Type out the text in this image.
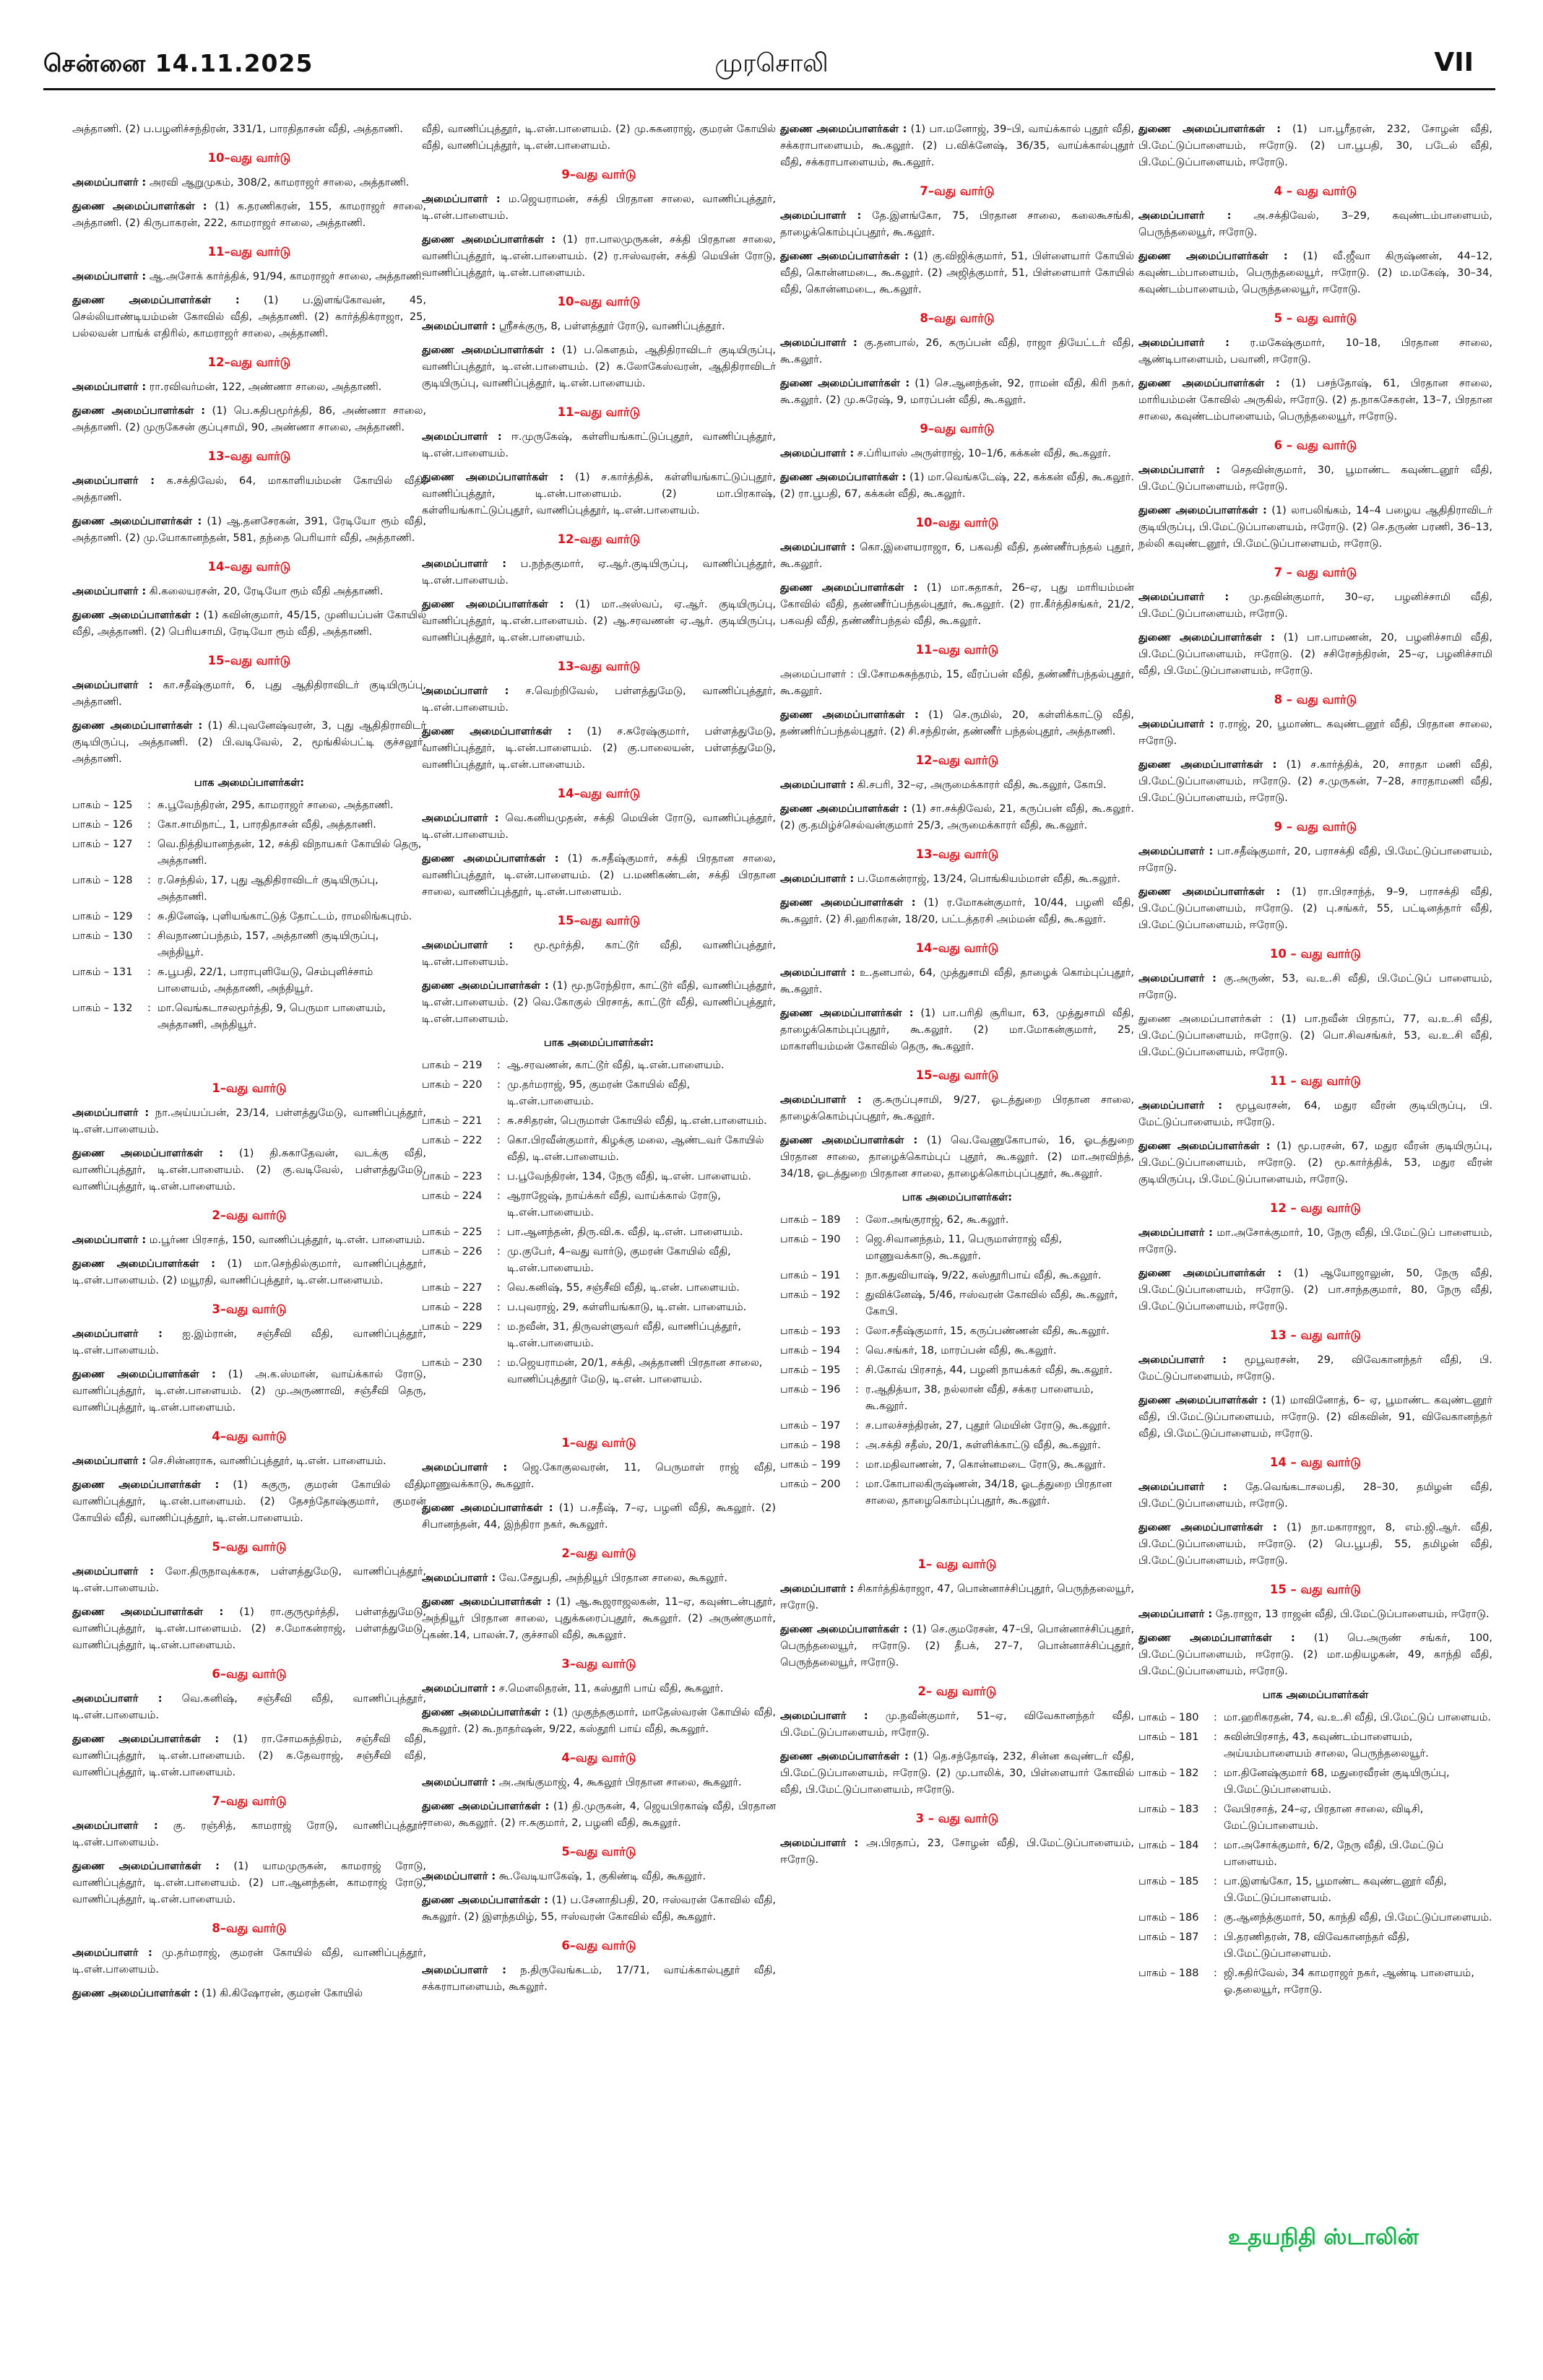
சென்னை 14.11.2025	முரசொலி	VII

அத்தாணி. (2) ப.பழனிச்சந்திரன், 331/1, பாரதிதாசன் வீதி, அத்தாணி.

10–வது வார்டு

அமைப்பாளர் : அரவி ஆறுமுகம், 308/2, காமராஜர் சாலை, அத்தாணி.

துணை அமைப்பாளர்கள் : (1) க.தரணிகரன், 155, காமராஜர் சாலை, அத்தாணி. (2) கிருபாகரன், 222, காமராஜர் சாலை, அத்தாணி.

11–வது வார்டு

அமைப்பாளர் : ஆ.அசோக் கார்த்திக், 91/94, காமராஜர் சாலை, அத்தாணி.

துணை அமைப்பாளர்கள் : (1) ப.இளங்கோவன், 45, செல்லியாண்டியம்மன் கோவில் வீதி, அத்தாணி. (2) கார்த்திக்ராஜா, 25, பல்லவன் பாங்க் எதிரில், காமராஜர் சாலை, அத்தாணி.

12–வது வார்டு

அமைப்பாளர் : ரா.ரவிவர்மன், 122, அண்ணா சாலை, அத்தாணி.

துணை அமைப்பாளர்கள் : (1) பெ.சுதிபமூர்த்தி, 86, அண்ணா சாலை, அத்தாணி. (2) முருகேசன் குப்புசாமி, 90, அண்ணா சாலை, அத்தாணி.

13–வது வார்டு

அமைப்பாளர் : க.சக்திவேல், 64, மாகாளியம்மன் கோயில் வீதி, அத்தாணி.

துணை அமைப்பாளர்கள் : (1) ஆ.தனசேரகன், 391, ரேடியோ ரூம் வீதி, அத்தாணி. (2) மு.யோகானந்தன், 581, தந்தை பெரியார் வீதி, அத்தாணி.

14–வது வார்டு

அமைப்பாளர் : கி.கலையரசன், 20, ரேடியோ ரூம் வீதி அத்தாணி.

துணை அமைப்பாளர்கள் : (1) கவின்குமார், 45/15, முனியப்பன் கோயில் வீதி, அத்தாணி. (2) பெரியசாமி, ரேடியோ ரூம் வீதி, அத்தாணி.

15–வது வார்டு

அமைப்பாளர் : கா.சதீஷ்குமார், 6, புது ஆதிதிராவிடர் குடியிருப்பு, அத்தாணி.

துணை அமைப்பாளர்கள் : (1) கி.புவனேஷ்வரன், 3, புது ஆதிதிராவிடர் குடியிருப்பு, அத்தாணி. (2) பி.வடிவேல், 2, மூங்கில்பட்டி குச்சலூர், அத்தாணி.

பாக அமைப்பாளர்கள்:
பாகம் – 125	:	சு.பூவேந்திரன், 295, காமராஜர் சாலை, அத்தாணி.
பாகம் – 126	:	கோ.சாமிநாட், 1, பாரதிதாசன் வீதி, அத்தாணி.
பாகம் – 127	:	வெ.நித்தியானந்தன், 12, சக்தி விநாயகர் கோயில் தெரு, அத்தாணி.
பாகம் – 128	:	ர.செந்தில், 17, புது ஆதிதிராவிடர் குடியிருப்பு, அத்தாணி.
பாகம் – 129	:	சு.தினேஷ், புளியங்காட்டுத் தோட்டம், ராமலிங்கபுரம்.
பாகம் – 130	:	சிவநாணப்பந்தம், 157, அத்தாணி குடியிருப்பு, அந்தியூர்.
பாகம் – 131	:	சு.பூபதி, 22/1, பாராபுளியேடு, செம்புளிச்சாம் பாளையம், அத்தாணி, அந்தியூர்.
பாகம் – 132	:	மா.வெங்கடாசலமூர்த்தி, 9, பெருமா பாளையம், அத்தாணி, அந்தியூர்.
1–வது வார்டு

அமைப்பாளர் : நா.அய்யப்பன், 23/14, பள்ளத்துமேடு, வாணிப்புத்தூர், டி.என்.பாளையம்.

துணை அமைப்பாளர்கள் : (1) தி.சுகாதேவன், வடக்கு வீதி, வாணிப்புத்தூர், டி.என்.பாளையம். (2) கு.வடிவேல், பள்ளத்துமேடு, வாணிப்புத்தூர், டி.என்.பாளையம்.

2–வது வார்டு

அமைப்பாளர் : ம.பூர்ண பிரசாத், 150, வாணிப்புத்தூர், டி.என். பாளையம்.

துணை அமைப்பாளர்கள் : (1) மா.செந்தில்குமார், வாணிப்புத்தூர், டி.என்.பாளையம். (2) மயூரதி, வாணிப்புத்தூர், டி.என்.பாளையம்.

3–வது வார்டு

அமைப்பாளர் : ஐ.இம்ரான், சஞ்சீவி வீதி, வாணிப்புத்தூர், டி.என்.பாளையம்.

துணை அமைப்பாளர்கள் : (1) அ.க.ஸ்மான், வாய்க்கால் ரோடு, வாணிப்புத்தூர், டி.என்.பாளையம். (2) மு.அருணாவி, சஞ்சீவி தெரு, வாணிப்புத்தூர், டி.என்.பாளையம்.

4–வது வார்டு

அமைப்பாளர் : செ.சின்னராசு, வாணிப்புத்தூர், டி.என். பாளையம்.

துணை அமைப்பாளர்கள் : (1) சுகுரு, குமரன் கோயில் வீதி, வாணிப்புத்தூர், டி.என்.பாளையம். (2) தேசந்தோஷ்குமார், குமரன் கோயில் வீதி, வாணிப்புத்தூர், டி.என்.பாளையம்.

5–வது வார்டு

அமைப்பாளர் : லோ.திருநாவுக்கரசு, பள்ளத்துமேடு, வாணிப்புத்தூர், டி.என்.பாளையம்.

துணை அமைப்பாளர்கள் : (1) ரா.குருமூர்த்தி, பள்ளத்துமேடு, வாணிப்புத்தூர், டி.என்.பாளையம். (2) ச.மோகன்ராஜ், பள்ளத்துமேடு, வாணிப்புத்தூர், டி.என்.பாளையம்.

6–வது வார்டு

அமைப்பாளர் : வெ.கனிஷ், சஞ்சீவி வீதி, வாணிப்புத்தூர், டி.என்.பாளையம்.

துணை அமைப்பாளர்கள் : (1) ரா.சோமசுந்திரம், சஞ்சீவி வீதி, வாணிப்புத்தூர், டி.என்.பாளையம். (2) க.தேவராஜ், சஞ்சீவி வீதி, வாணிப்புத்தூர், டி.என்.பாளையம்.

7–வது வார்டு

அமைப்பாளர் : கு. ரஞ்சித், காமராஜ் ரோடு, வாணிப்புத்தூர், டி.என்.பாளையம்.

துணை அமைப்பாளர்கள் : (1) யாமமுருகன், காமராஜ் ரோடு, வாணிப்புத்தூர், டி.என்.பாளையம். (2) பா.ஆனந்தன், காமராஜ் ரோடு, வாணிப்புத்தூர், டி.என்.பாளையம்.

8–வது வார்டு

அமைப்பாளர் : மு.தர்மராஜ், குமரன் கோயில் வீதி, வாணிப்புத்தூர், டி.என்.பாளையம்.

துணை அமைப்பாளர்கள் : (1) கி.கிஷோரன், குமரன் கோயில்

வீதி, வாணிப்புத்தூர், டி.என்.பாளையம். (2) மு.சுகனராஜ், குமரன் கோயில் வீதி, வாணிப்புத்தூர், டி.என்.பாளையம்.

9–வது வார்டு

அமைப்பாளர் : ம.ஜெயராமன், சக்தி பிரதான சாலை, வாணிப்புத்தூர், டி.என்.பாளையம்.

துணை அமைப்பாளர்கள் : (1) ரா.பாலமுருகன், சக்தி பிரதான சாலை, வாணிப்புத்தூர், டி.என்.பாளையம். (2) ர.ஈஸ்வரன், சக்தி மெயின் ரோடு, வாணிப்புத்தூர், டி.என்.பாளையம்.

10–வது வார்டு

அமைப்பாளர் : ஸ்ரீசக்குரு, 8, பள்ளத்தூர் ரோடு, வாணிப்புத்தூர்.

துணை அமைப்பாளர்கள் : (1) ப.கௌதம், ஆதிதிராவிடர் குடியிருப்பு, வாணிப்புத்தூர், டி.என்.பாளையம். (2) க.லோகேஸ்வரன், ஆதிதிராவிடர் குடியிருப்பு, வாணிப்புத்தூர், டி.என்.பாளையம்.

11–வது வார்டு

அமைப்பாளர் : ஈ.முருகேஷ், கள்ளியங்காட்டுப்புதூர், வாணிப்புத்தூர், டி.என்.பாளையம்.

துணை அமைப்பாளர்கள் : (1) ச.கார்த்திக், கள்ளியங்காட்டுப்புதூர், வாணிப்புத்தூர், டி.என்.பாளையம். (2) மா.பிரகாஷ், கள்ளியங்காட்டுப்புதூர், வாணிப்புத்தூர், டி.என்.பாளையம்.

12–வது வார்டு

அமைப்பாளர் : ப.நந்தகுமார், ஏ.ஆர்.குடியிருப்பு, வாணிப்புத்தூர், டி.என்.பாளையம்.

துணை அமைப்பாளர்கள் : (1) மா.அஸ்வப், ஏ.ஆர். குடியிருப்பு, வாணிப்புத்தூர், டி.என்.பாளையம். (2) ஆ.சரவணன் ஏ.ஆர். குடியிருப்பு, வாணிப்புத்தூர், டி.என்.பாளையம்.

13–வது வார்டு

அமைப்பாளர் : ச.வெற்றிவேல், பள்ளத்துமேடு, வாணிப்புத்தூர், டி.என்.பாளையம்.

துணை அமைப்பாளர்கள் : (1) ச.சுரேஷ்குமார், பள்ளத்துமேடு, வாணிப்புத்தூர், டி.என்.பாளையம். (2) கு.பாலையன், பள்ளத்துமேடு, வாணிப்புத்தூர், டி.என்.பாளையம்.

14–வது வார்டு

அமைப்பாளர் : வெ.கனியமுதன், சக்தி மெயின் ரோடு, வாணிப்புத்தூர், டி.என்.பாளையம்.

துணை அமைப்பாளர்கள் : (1) சு.சதீஷ்குமார், சக்தி பிரதான சாலை, வாணிப்புத்தூர், டி.என்.பாளையம். (2) ப.மணிகண்டன், சக்தி பிரதான சாலை, வாணிப்புத்தூர், டி.என்.பாளையம்.

15–வது வார்டு

அமைப்பாளர் : மூ.மூர்த்தி, காட்டூர் வீதி, வாணிப்புத்தூர், டி.என்.பாளையம்.

துணை அமைப்பாளர்கள் : (1) மூ.நரேந்திரா, காட்டூர் வீதி, வாணிப்புத்தூர், டி.என்.பாளையம். (2) வெ.கோகுல் பிரசாத், காட்டூர் வீதி, வாணிப்புத்தூர், டி.என்.பாளையம்.

பாக அமைப்பாளர்கள்:
பாகம் – 219	:	ஆ.சரவணன், காட்டூர் வீதி, டி.என்.பாளையம்.
பாகம் – 220	:	மு.தர்மராஜ், 95, குமரன் கோயில் வீதி, டி.என்.பாளையம்.
பாகம் – 221	:	சு.சசிதரன், பெருமாள் கோயில் வீதி, டி.என்.பாளையம்.
பாகம் – 222	:	கொ.பிரவீன்குமார், கிழக்கு மலை, ஆண்டவர் கோயில் வீதி, டி.என்.பாளையம்.
பாகம் – 223	:	ப.பூவேந்திரன், 134, நேரு வீதி, டி.என். பாளையம்.
பாகம் – 224	:	ஆராஜேஷ், நாய்க்கர் வீதி, வாய்க்கால் ரோடு, டி.என்.பாளையம்.
பாகம் – 225	:	பா.ஆனந்தன், திரு.வி.க. வீதி, டி.என். பாளையம்.
பாகம் – 226	:	மு.குபேர், 4–வது வார்டு, குமரன் கோயில் வீதி, டி.என்.பாளையம்.
பாகம் – 227	:	வெ.கனிஷ், 55, சஞ்சீவி வீதி, டி.என். பாளையம்.
பாகம் – 228	:	ப.புவராஜ், 29, கள்ளியங்காடு, டி.என். பாளையம்.
பாகம் – 229	:	ம.நவீன், 31, திருவள்ளுவர் வீதி, வாணிப்புத்தூர், டி.என்.பாளையம்.
பாகம் – 230	:	ம.ஜெயராமன், 20/1, சக்தி, அத்தாணி பிரதான சாலை, வாணிப்புத்தூர் மேடு, டி.என். பாளையம்.
1–வது வார்டு

அமைப்பாளர் : ஜெ.கோகுலவரன், 11, பெருமாள் ராஜ் வீதி, மாணுவக்காடு, கூகலூர்.

துணை அமைப்பாளர்கள் : (1) ப.சதீஷ், 7–ஏ, பழனி வீதி, கூகலூர். (2) சிபானந்தன், 44, இந்திரா நகர், கூகலூர்.

2–வது வார்டு

அமைப்பாளர் : வே.சேதுபதி, அந்தியூர் பிரதான சாலை, கூகலூர்.

துணை அமைப்பாளர்கள் : (1) ஆ.கூஜராஜலகன், 11–ஏ, கவுண்டன்புதூர், அந்தியூர் பிரதான சாலை, புதுக்கரைப்புதூர், கூகலூர். (2) அருண்குமார், புகண்.14, பாலன்.7, குச்சாலி வீதி, கூகலூர்.

3–வது வார்டு

அமைப்பாளர் : ச.மௌலிதரன், 11, கஸ்தூரி பாய் வீதி, கூகலூர்.

துணை அமைப்பாளர்கள் : (1) முகுந்தகுமார், மாதேஸ்வரன் கோயில் வீதி, கூகலூர். (2) கூ.நாதர்ஷன், 9/22, கஸ்தூரி பாய் வீதி, கூகலூர்.

4–வது வார்டு

அமைப்பாளர் : அ.அங்குமாஜ், 4, கூகலூர் பிரதான சாலை, கூகலூர்.

துணை அமைப்பாளர்கள் : (1) தி.முருகன், 4, ஜெயபிரகாஷ் வீதி, பிரதான சாலை, கூகலூர். (2) ஈ.சுகுமார், 2, பழனி வீதி, கூகலூர்.

5–வது வார்டு

அமைப்பாளர் : கூ.வேடியாகேஷ், 1, குகிண்டி வீதி, கூகலூர்.

துணை அமைப்பாளர்கள் : (1) ப.சேனாதிபதி, 20, ஈஸ்வரன் கோவில் வீதி, கூகலூர். (2) இளந்தமிழ், 55, ஈஸ்வரன் கோவில் வீதி, கூகலூர்.

6–வது வார்டு

அமைப்பாளர் : ந.திருவேங்கடம், 17/71, வாய்க்கால்புதூர் வீதி, சக்கராபாளையம், கூகலூர்.

துணை அமைப்பாளர்கள் : (1) பா.மனோஜ், 39–பி, வாய்க்கால் புதூர் வீதி, சக்கராபாளையம், கூ.கலூர். (2) ப.விக்னேஷ், 36/35, வாய்க்கால்புதூர் வீதி, சக்கராபாளையம், கூ.கலூர்.

7–வது வார்டு

அமைப்பாளர் : தே.இளங்கோ, 75, பிரதான சாலை, கலைகூசங்கி, தாழைக்கொம்புப்புதூர், கூ.கலூர்.

துணை அமைப்பாளர்கள் : (1) கு.விஜிக்குமார், 51, பிள்ளையார் கோயில் வீதி, கொன்னமடை, கூ.கலூர். (2) அஜித்குமார், 51, பிள்ளையார் கோயில் வீதி, கொன்னமடை, கூ.கலூர்.

8–வது வார்டு

அமைப்பாளர் : கு.தனபால், 26, கருப்பன் வீதி, ராஜா தியேட்டர் வீதி, கூ.கலூர்.

துணை அமைப்பாளர்கள் : (1) செ.ஆனந்தன், 92, ராமன் வீதி, கிரி நகர், கூ.கலூர். (2) மு.சுரேஷ், 9, மாரப்பன் வீதி, கூ.கலூர்.

9–வது வார்டு

அமைப்பாளர் : ச.ப்ரியாஸ் அருள்ராஜ், 10–1/6, கக்கன் வீதி, கூ.கலூர்.

துணை அமைப்பாளர்கள் : (1) மா.வெங்கடேஷ், 22, கக்கன் வீதி, கூ.கலூர். (2) ரா.பூபதி, 67, கக்கன் வீதி, கூ.கலூர்.

10–வது வார்டு

அமைப்பாளர் : கொ.இளையராஜா, 6, பகவதி வீதி, தண்ணீர்பந்தல் புதூர், கூ.கலூர்.

துணை அமைப்பாளர்கள் : (1) மா.சுதாகர், 26–ஏ, புது மாரியம்மன் கோவில் வீதி, தண்ணீர்ப்பந்தல்புதூர், கூ.கலூர். (2) ரா.கீர்த்திசங்கர், 21/2, பகவதி வீதி, தண்ணீர்பந்தல் வீதி, கூ.கலூர்.

11–வது வார்டு

அமைப்பாளர் : பி.சோமசுசுந்தரம், 15, வீரப்பன் வீதி, தண்ணீர்பந்தல்புதூர், கூ.கலூர்.

துணை அமைப்பாளர்கள் : (1) செ.ருமில், 20, கள்ளிக்காட்டு வீதி, தண்ணிர்ப்பந்தல்புதூர். (2) சி.சந்திரன், தண்ணீர் பந்தல்புதூர், அத்தாணி.

12–வது வார்டு

அமைப்பாளர் : கி.சபரி, 32–ஏ, அருமைக்காரர் வீதி, கூ.கலூர், கோபி.

துணை அமைப்பாளர்கள் : (1) சா.சக்திவேல், 21, கருப்பன் வீதி, கூ.கலூர். (2) கு.தமிழ்ச்செல்வன்குமார் 25/3, அருமைக்காரர் வீதி, கூ.கலூர்.

13–வது வார்டு

அமைப்பாளர் : ப.மோகன்ராஜ், 13/24, பொங்கியம்மாள் வீதி, கூ.கலூர்.

துணை அமைப்பாளர்கள் : (1) ர.மோகன்குமார், 10/44, பழனி வீதி, கூ.கலூர். (2) சி.ஹரிகரன், 18/20, பட்டத்தரசி அம்மன் வீதி, கூ.கலூர்.

14–வது வார்டு

அமைப்பாளர் : உ.தனபால், 64, முத்துசாமி வீதி, தாழைக் கொம்புப்புதூர், கூ.கலூர்.

துணை அமைப்பாளர்கள் : (1) பா.பரிதி சூரியா, 63, முத்துசாமி வீதி, தாழைக்கொம்புப்புதூர், கூ.கலூர். (2) மா.மோகன்குமார், 25, மாகாளியம்மன் கோவில் தெரு, கூ.கலூர்.

15–வது வார்டு

அமைப்பாளர் : கு.சுருப்புசாமி, 9/27, ஓடத்துறை பிரதான சாலை, தாழைக்கொம்புப்புதூர், கூ.கலூர்.

துணை அமைப்பாளர்கள் : (1) வெ.வேணுகோபால், 16, ஓடத்துறை பிரதான சாலை, தாழைக்கொம்புப் புதூர், கூ.கலூர். (2) மா.அரவிந்த், 34/18, ஓடத்துறை பிரதான சாலை, தாழைக்கொம்புப்புதூர், கூ.கலூர்.

பாக அமைப்பாளர்கள்:
பாகம் – 189	:	லோ.அங்குராஜ், 62, கூ.கலூர்.
பாகம் – 190	:	ஜெ.சிவானந்தம், 11, பெருமாள்ராஜ் வீதி, மாணுவக்காடு, கூ.கலூர்.
பாகம் – 191	:	நா.சுதுவியாஷ், 9/22, கஸ்தூரிபாய் வீதி, கூ.கலூர்.
பாகம் – 192	:	துவிக்னேஷ், 5/46, ஈஸ்வரன் கோவில் வீதி, கூ.கலூர், கோபி.
பாகம் – 193	:	லோ.சதீஷ்குமார், 15, கருப்பண்ணன் வீதி, கூ.கலூர்.
பாகம் – 194	:	வெ.சங்கர், 18, மாரப்பன் வீதி, கூ.கலூர்.
பாகம் – 195	:	சி.கோவ் பிரசாத், 44, பழனி நாயக்கர் வீதி, கூ.கலூர்.
பாகம் – 196	:	ர.ஆதித்யா, 38, நல்லான் வீதி, சக்கர பாளையம், கூ.கலூர்.
பாகம் – 197	:	ச.பாலச்சந்திரன், 27, புதூர் மெயின் ரோடு, கூ.கலூர்.
பாகம் – 198	:	அ.சக்தி சதீஸ், 20/1, சுள்ளிக்காட்டு வீதி, கூ.கலூர்.
பாகம் – 199	:	மா.மதிவாணன், 7, கொன்னமடை ரோடு, கூ.கலூர்.
பாகம் – 200	:	மா.கோபாலகிருஷ்ணன், 34/18, ஓடத்துறை பிரதான சாலை, தாழைகொம்புப்புதூர், கூ.கலூர்.
1– வது வார்டு

அமைப்பாளர் : சிகார்த்திக்ராஜா, 47, பொன்னாச்சிப்புதூர், பெருந்தலையூர், ஈரோடு.

துணை அமைப்பாளர்கள் : (1) செ.குமரேசன், 47–பி, பொன்னாச்சிப்புதூர், பெருந்தலையூர், ஈரோடு. (2) தீபக், 27–7, பொன்னாச்சிப்புதூர், பெருந்தலையூர், ஈரோடு.

2– வது வார்டு

அமைப்பாளர் : மு.நவீன்குமார், 51–ஏ, விவேகானந்தர் வீதி, பி.மேட்டுப்பாளையம், ஈரோடு.

துணை அமைப்பாளர்கள் : (1) தெ.சந்தோஷ், 232, சின்ன கவுண்டர் வீதி, பி.மேட்டுப்பாளையம், ஈரோடு. (2) மு.பாலிக், 30, பிள்ளையார் கோவில் வீதி, பி.மேட்டுப்பாளையம், ஈரோடு.

3 – வது வார்டு

அமைப்பாளர் : அ.பிரதாப், 23, சோழன் வீதி, பி.மேட்டுப்பாளையம், ஈரோடு.

துணை அமைப்பாளர்கள் : (1) பா.பூரீதரன், 232, சோழன் வீதி, பி.மேட்டுப்பாளையம், ஈரோடு. (2) பா.பூபதி, 30, படேல் வீதி, பி.மேட்டுப்பாளையம், ஈரோடு.

4 – வது வார்டு

அமைப்பாளர் : அ.சக்திவேல், 3–29, கவுண்டம்பாளையம், பெருந்தலையூர், ஈரோடு.

துணை அமைப்பாளர்கள் : (1) வீ.ஜீவா கிருஷ்ணன், 44–12, கவுண்டம்பாளையம், பெருந்தலையூர், ஈரோடு. (2) ம.மகேஷ், 30–34, கவுண்டம்பாளையம், பெருந்தலையூர், ஈரோடு.

5 – வது வார்டு

அமைப்பாளர் : ர.மகேஷ்குமார், 10–18, பிரதான சாலை, ஆண்டிபாளையம், பவானி, ஈரோடு.

துணை அமைப்பாளர்கள் : (1) பசந்தோஷ், 61, பிரதான சாலை, மாரியம்மன் கோவில் அருகில், ஈரோடு. (2) த.நாகசேகரன், 13–7, பிரதான சாலை, கவுண்டம்பாளையம், பெருந்தலையூர், ஈரோடு.

6 – வது வார்டு

அமைப்பாளர் : செதவின்குமார், 30, பூமாண்ட கவுண்டனூர் வீதி, பி.மேட்டுப்பாளையம், ஈரோடு.

துணை அமைப்பாளர்கள் : (1) லாபலிங்கம், 14–4 பழைய ஆதிதிராவிடர் குடியிருப்பு, பி.மேட்டுப்பாளையம், ஈரோடு. (2) செ.தருண் பரணி, 36–13, நல்லி கவுண்டனூர், பி.மேட்டுப்பாளையம், ஈரோடு.

7 – வது வார்டு

அமைப்பாளர் : மு.தவின்குமார், 30–ஏ, பழனிச்சாமி வீதி, பி.மேட்டுப்பாளையம், ஈரோடு.

துணை அமைப்பாளர்கள் : (1) பா.பாமணன், 20, பழனிச்சாமி வீதி, பி.மேட்டுப்பாளையம், ஈரோடு. (2) சசிரேசந்திரன், 25–ஏ, பழனிச்சாமி வீதி, பி.மேட்டுப்பாளையம், ஈரோடு.

8 – வது வார்டு

அமைப்பாளர் : ர.ராஜ், 20, பூமாண்ட கவுண்டனூர் வீதி, பிரதான சாலை, ஈரோடு.

துணை அமைப்பாளர்கள் : (1) ச.கார்த்திக், 20, சாரதா மணி வீதி, பி.மேட்டுப்பாளையம், ஈரோடு. (2) ச.முருகன், 7–28, சாரதாமணி வீதி, பி.மேட்டுப்பாளையம், ஈரோடு.

9 – வது வார்டு

அமைப்பாளர் : பா.சதீஷ்குமார், 20, பராசக்தி வீதி, பி.மேட்டுப்பாளையம், ஈரோடு.

துணை அமைப்பாளர்கள் : (1) ரா.பிரசாந்த், 9–9, பராசக்தி வீதி, பி.மேட்டுப்பாளையம், ஈரோடு. (2) பு.சங்கர், 55, பட்டினத்தார் வீதி, பி.மேட்டுப்பாளையம், ஈரோடு.

10 – வது வார்டு

அமைப்பாளர் : கு.அருண், 53, வ.உ.சி வீதி, பி.மேட்டுப் பாளையம், ஈரோடு.

துணை அமைப்பாளர்கள் : (1) பா.நவீன் பிரதாப், 77, வ.உ.சி வீதி, பி.மேட்டுப்பாளையம், ஈரோடு. (2) பொ.சிவசங்கர், 53, வ.உ.சி வீதி, பி.மேட்டுப்பாளையம், ஈரோடு.

11 – வது வார்டு

அமைப்பாளர் : மூபூவரசன், 64, மதுர வீரன் குடியிருப்பு, பி. மேட்டுப்பாளையம், ஈரோடு.

துணை அமைப்பாளர்கள் : (1) மூ.பரசன், 67, மதுர வீரன் குடியிருப்பு, பி.மேட்டுப்பாளையம், ஈரோடு. (2) மூ.கார்த்திக், 53, மதுர வீரன் குடியிருப்பு, பி.மேட்டுப்பாளையம், ஈரோடு.

12 – வது வார்டு

அமைப்பாளர் : மா.அசோக்குமார், 10, நேரு வீதி, பி.மேட்டுப் பாளையம், ஈரோடு.

துணை அமைப்பாளர்கள் : (1) ஆயோஜாலுன், 50, நேரு வீதி, பி.மேட்டுப்பாளையம், ஈரோடு. (2) பா.சாந்தகுமார், 80, நேரு வீதி, பி.மேட்டுப்பாளையம், ஈரோடு.

13 – வது வார்டு

அமைப்பாளர் : மூபூவரசன், 29, விவேகானந்தர் வீதி, பி. மேட்டுப்பாளையம், ஈரோடு.

துணை அமைப்பாளர்கள் : (1) மாவினோத், 6– ஏ, பூமாண்ட கவுண்டனூர் வீதி, பி.மேட்டுப்பாளையம், ஈரோடு. (2) விகவின், 91, விவேகானந்தர் வீதி, பி.மேட்டுப்பாளையம், ஈரோடு.

14 – வது வார்டு

அமைப்பாளர் : தே.வெங்கடாசலபதி, 28–30, தமிழன் வீதி, பி.மேட்டுப்பாளையம், ஈரோடு.

துணை அமைப்பாளர்கள் : (1) நா.மகாராஜா, 8, எம்.ஜி.ஆர். வீதி, பி.மேட்டுப்பாளையம், ஈரோடு. (2) பெ.பூபதி, 55, தமிழன் வீதி, பி.மேட்டுப்பாளையம், ஈரோடு.

15 – வது வார்டு

அமைப்பாளர் : தே.ராஜா, 13 ராஜன் வீதி, பி.மேட்டுப்பாளையம், ஈரோடு.

துணை அமைப்பாளர்கள் : (1) பெ.அருண் சங்கர், 100, பி.மேட்டுப்பாளையம், ஈரோடு. (2) மா.மதியழகன், 49, காந்தி வீதி, பி.மேட்டுப்பாளையம், ஈரோடு.

பாக அமைப்பாளர்கள்
பாகம் – 180	:	மா.ஹரிகரதன், 74, வ.உ.சி வீதி, பி.மேட்டுப் பாளையம்.
பாகம் – 181	:	சுவின்பிரசாத், 43, கவுண்டம்பாளையம், அய்யம்பாளையம் சாலை, பெருந்தலையூர்.
பாகம் – 182	:	மா.தினேஷ்குமார் 68, மதுரைவீரன் குடியிருப்பு, பி.மேட்டுப்பாளையம்.
பாகம் – 183	:	வேபிரசாத், 24–ஏ, பிரதான சாலை, விடிசி, மேட்டுப்பாளையம்.
பாகம் – 184	:	மா.அசோக்குமார், 6/2, நேரு வீதி, பி.மேட்டுப் பாளையம்.
பாகம் – 185	:	பா.இளங்கோ, 15, பூமாண்ட கவுண்டனூர் வீதி, பி.மேட்டுப்பாளையம்.
பாகம் – 186	:	கு.ஆனந்த்குமார், 50, காந்தி வீதி, பி.மேட்டுப்பாளையம்.
பாகம் – 187	:	பி.தரணிதரன், 78, விவேகானந்தர் வீதி, பி.மேட்டுப்பாளையம்.
பாகம் – 188	:	ஜி.சுதிர்வேல், 34 காமராஜர் நகர், ஆண்டி பாளையம், ஓ.தலையூர், ஈரோடு.
உதயநிதி ஸ்டாலின்
